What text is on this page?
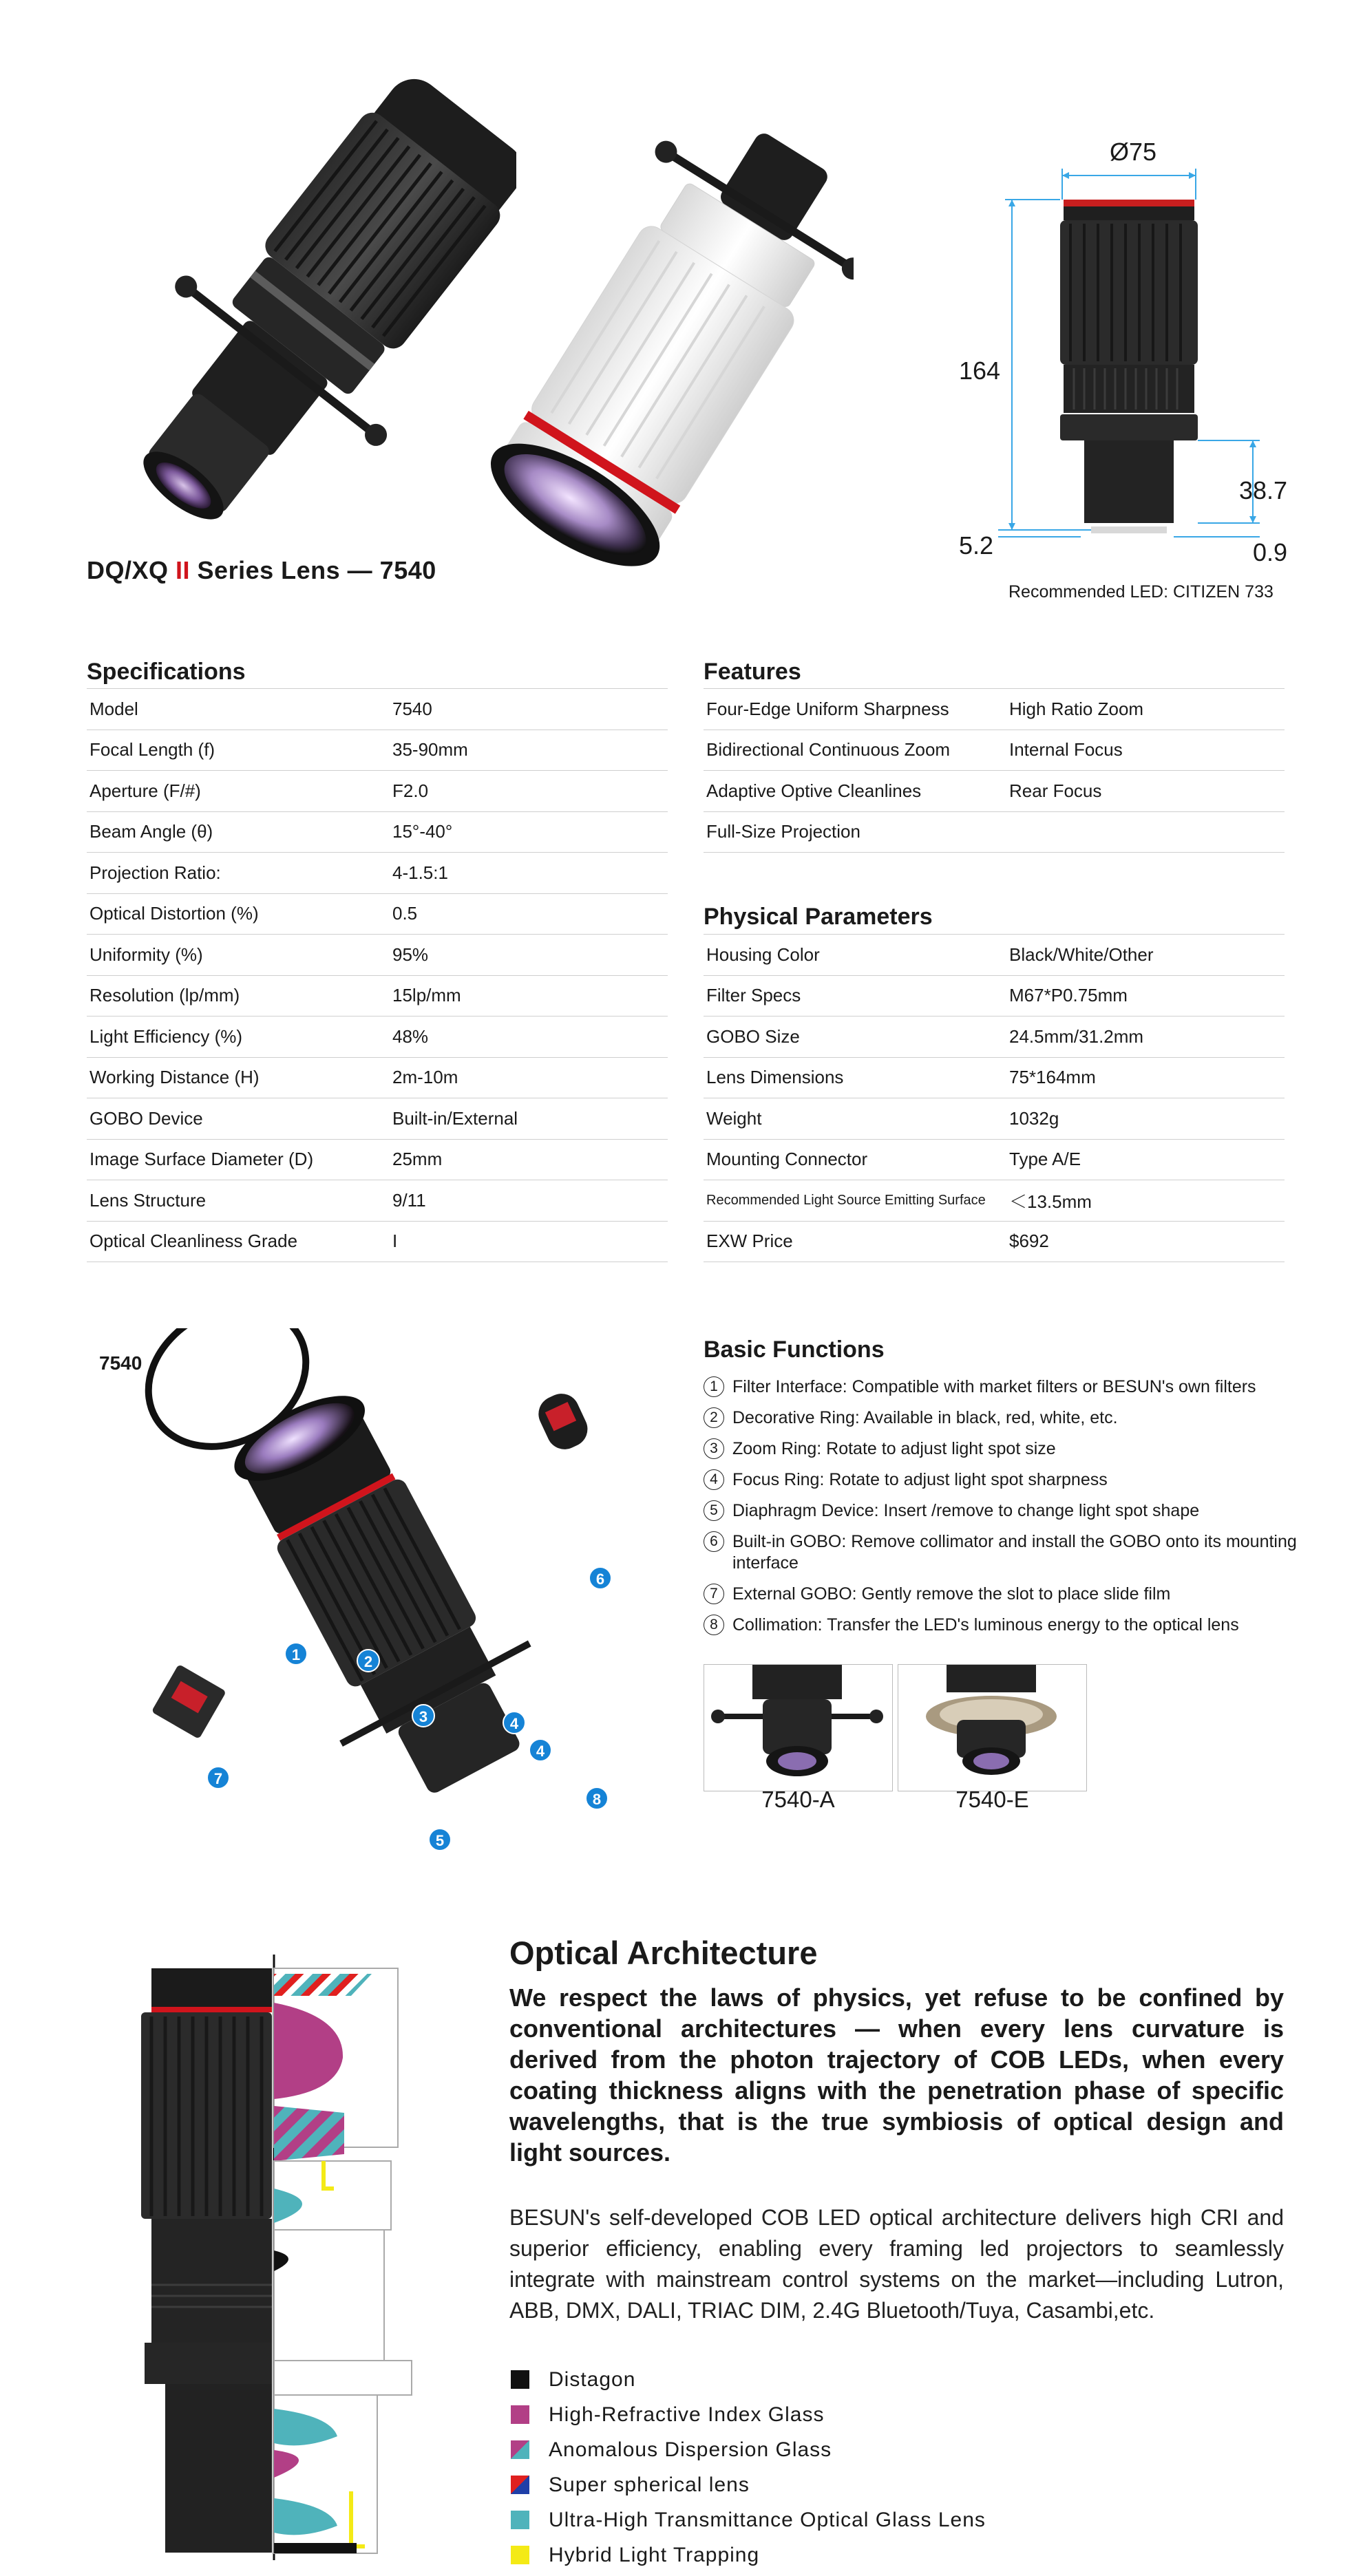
DQ/XQ II Series Lens — 7540
Ø75
164
38.7
5.2	0.9
Recommended LED: CITIZEN 733
Specifications
Model	7540
Focal Length (f)	35-90mm
Aperture (F/#)	F2.0
Beam Angle (θ)	15°-40°
Projection Ratio:	4-1.5:1
Optical Distortion (%)	0.5
Uniformity (%)	95%
Resolution (lp/mm)	15lp/mm
Light Efficiency (%)	48%
Working Distance (H)	2m-10m
GOBO Device	Built-in/External
Image Surface Diameter (D)	25mm
Lens Structure	9/11
Optical Cleanliness Grade	I
Features
Four-Edge Uniform Sharpness	High Ratio Zoom
Bidirectional Continuous Zoom	Internal Focus
Adaptive Optive Cleanlines	Rear Focus
Full-Size Projection
Physical Parameters
Housing Color	Black/White/Other
Filter Specs	M67*P0.75mm
GOBO Size	24.5mm/31.2mm
Lens Dimensions	75*164mm
Weight	1032g
Mounting Connector	Type A/E
Recommended Light Source Emitting Surface	＜13.5mm
EXW Price	$692
7540
1	2
3	4
4
5
6
7
8
Basic Functions
1 Filter Interface: Compatible with market filters or BESUN's own filters
2 Decorative Ring: Available in black, red, white, etc.
3 Zoom Ring: Rotate to adjust light spot size
4 Focus Ring: Rotate to adjust light spot sharpness
5 Diaphragm Device: Insert /remove to change light spot shape
6 Built-in GOBO: Remove collimator and install the GOBO onto its mounting interface
7 External GOBO: Gently remove the slot to place slide film
8 Collimation: Transfer the LED's luminous energy to the optical lens
7540-A	7540-E
Optical Architecture
We respect the laws of physics, yet refuse to be confined by conventional architectures — when every lens curvature is derived from the photon trajectory of COB LEDs, when every coating thickness aligns with the penetration phase of specific wavelengths, that is the true symbiosis of optical design and light sources.
BESUN's self-developed COB LED optical architecture delivers high CRI and superior efficiency, enabling every framing led projectors to seamlessly integrate with mainstream control systems on the market—including Lutron, ABB, DMX, DALI, TRIAC DIM, 2.4G Bluetooth/Tuya, Casambi,etc.
Distagon
High-Refractive Index Glass
Anomalous Dispersion Glass
Super spherical lens
Ultra-High Transmittance Optical Glass Lens
Hybrid Light Trapping
